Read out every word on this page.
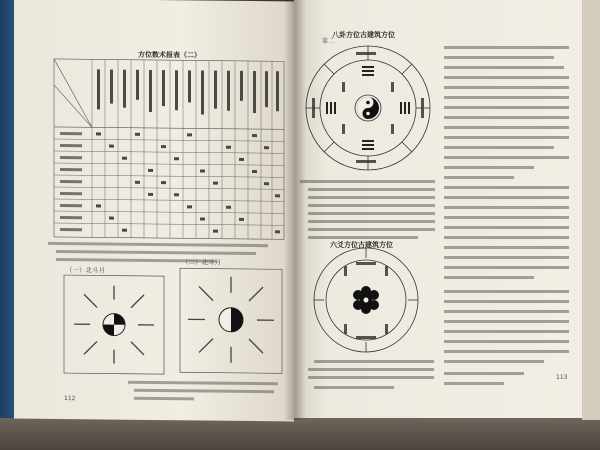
方位数术报表（二）
（一）北斗月
（二）北斗月
112
第二
八卦方位古建筑方位
六爻方位古建筑方位
113
